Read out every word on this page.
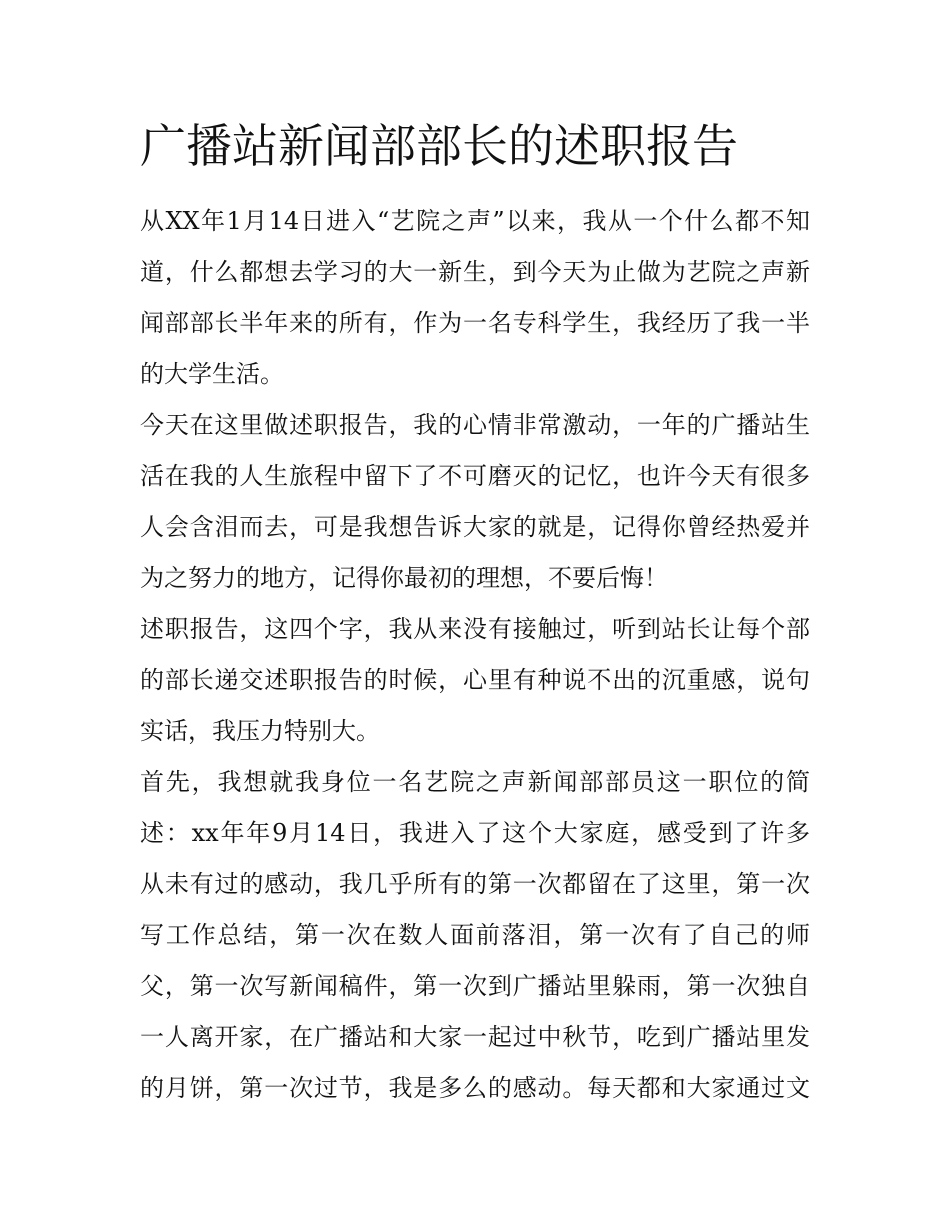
广播站新闻部部长的述职报告

从XX年1月14日进入“艺院之声”以来，我从一个什么都不知
道，什么都想去学习的大一新生，到今天为止做为艺院之声新
闻部部长半年来的所有，作为一名专科学生，我经历了我一半
的大学生活。

今天在这里做述职报告，我的心情非常激动，一年的广播站生
活在我的人生旅程中留下了不可磨灭的记忆，也许今天有很多
人会含泪而去，可是我想告诉大家的就是，记得你曾经热爱并
为之努力的地方，记得你最初的理想，不要后悔！

述职报告，这四个字，我从来没有接触过，听到站长让每个部
的部长递交述职报告的时候，心里有种说不出的沉重感，说句
实话，我压力特别大。

首先，我想就我身位一名艺院之声新闻部部员这一职位的简
述：xx年年9月14日，我进入了这个大家庭，感受到了许多
从未有过的感动，我几乎所有的第一次都留在了这里，第一次
写工作总结，第一次在数人面前落泪，第一次有了自己的师
父，第一次写新闻稿件，第一次到广播站里躲雨，第一次独自
一人离开家，在广播站和大家一起过中秋节，吃到广播站里发
的月饼，第一次过节，我是多么的感动。每天都和大家通过文
